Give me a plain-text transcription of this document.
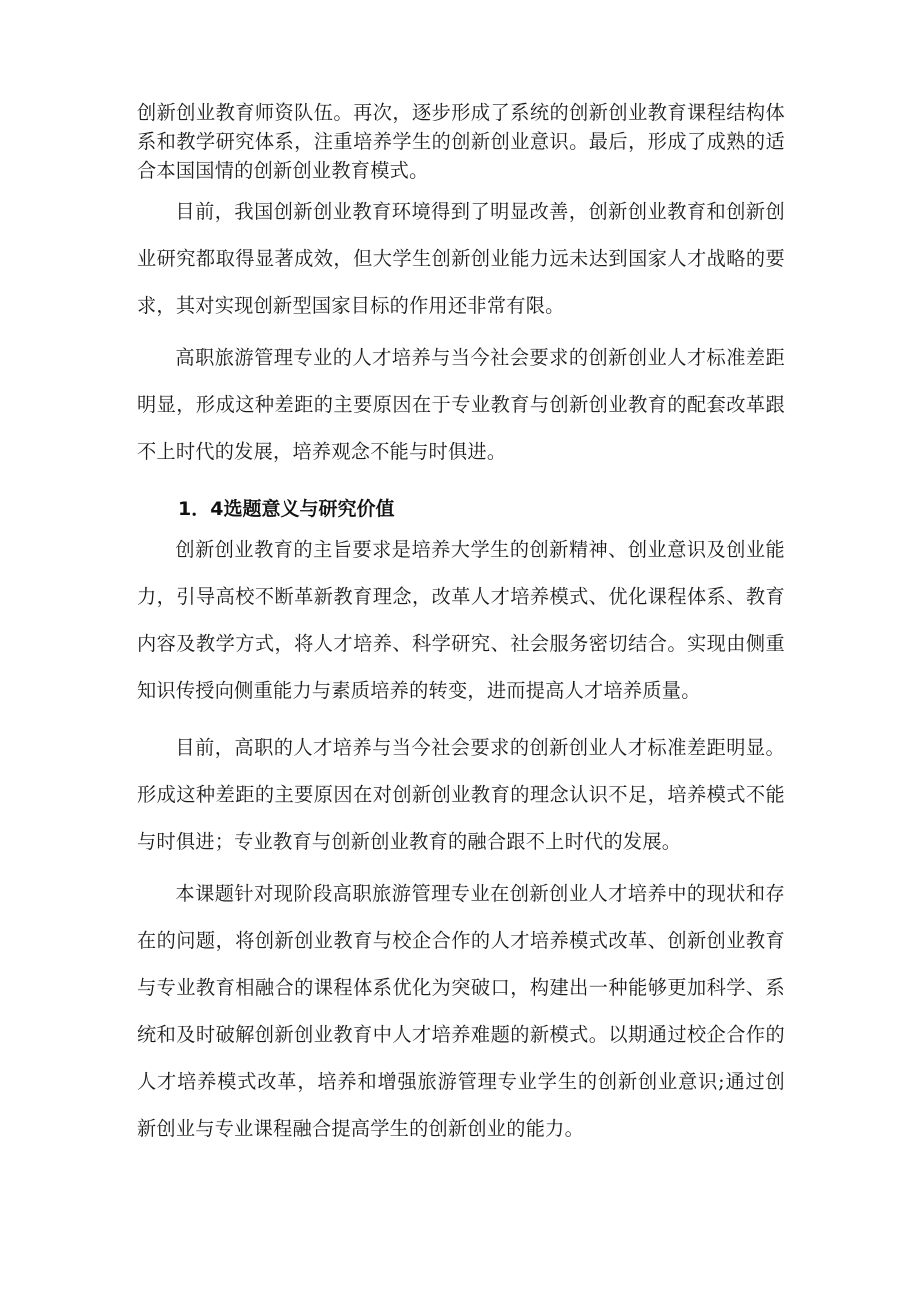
创新创业教育师资队伍。再次，逐步形成了系统的创新创业教育课程结构体系和教学研究体系，注重培养学生的创新创业意识。最后，形成了成熟的适合本国国情的创新创业教育模式。

目前，我国创新创业教育环境得到了明显改善，创新创业教育和创新创业研究都取得显著成效，但大学生创新创业能力远未达到国家人才战略的要求，其对实现创新型国家目标的作用还非常有限。

高职旅游管理专业的人才培养与当今社会要求的创新创业人才标准差距明显，形成这种差距的主要原因在于专业教育与创新创业教育的配套改革跟不上时代的发展，培养观念不能与时俱进。

1．4选题意义与研究价值

创新创业教育的主旨要求是培养大学生的创新精神、创业意识及创业能力，引导高校不断革新教育理念，改革人才培养模式、优化课程体系、教育内容及教学方式，将人才培养、科学研究、社会服务密切结合。实现由侧重知识传授向侧重能力与素质培养的转变，进而提高人才培养质量。

目前，高职的人才培养与当今社会要求的创新创业人才标准差距明显。形成这种差距的主要原因在对创新创业教育的理念认识不足，培养模式不能与时俱进；专业教育与创新创业教育的融合跟不上时代的发展。

本课题针对现阶段高职旅游管理专业在创新创业人才培养中的现状和存在的问题，将创新创业教育与校企合作的人才培养模式改革、创新创业教育与专业教育相融合的课程体系优化为突破口，构建出一种能够更加科学、系统和及时破解创新创业教育中人才培养难题的新模式。以期通过校企合作的人才培养模式改革，培养和增强旅游管理专业学生的创新创业意识;通过创新创业与专业课程融合提高学生的创新创业的能力。
